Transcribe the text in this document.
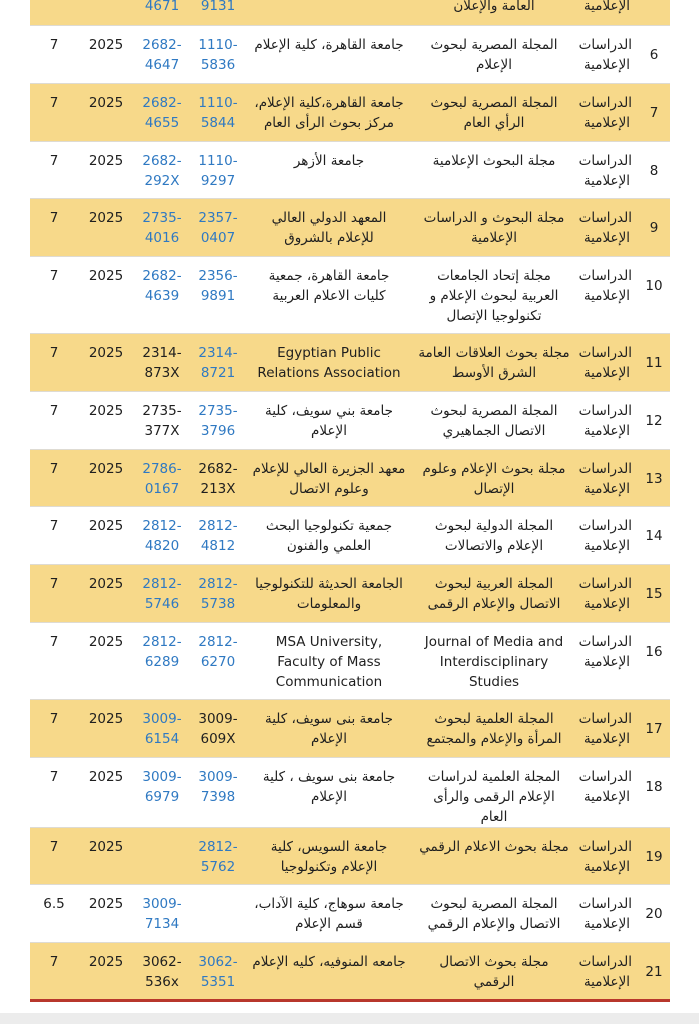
		4671	9131		العامة والإعلان	الإعلامية	
7	2025	2682-4647	1110-5836	جامعة القاهرة، كلية الإعلام	المجلة المصرية لبحوث الإعلام	الدراسات الإعلامية	6
7	2025	2682-4655	1110-5844	جامعة القاهرة،كلية الإعلام، مركز بحوث الرأى العام	المجلة المصرية لبحوث الرأي العام	الدراسات الإعلامية	7
7	2025	2682-292X	1110-9297	جامعة الأزهر	مجلة البحوث الإعلامية	الدراسات الإعلامية	8
7	2025	2735-4016	2357-0407	المعهد الدولي العالي للإعلام بالشروق	مجلة البحوث و الدراسات الإعلامية	الدراسات الإعلامية	9
7	2025	2682-4639	2356-9891	جامعة القاهرة، جمعية كليات الاعلام العربية	مجلة إتحاد الجامعات العربية لبحوث الإعلام و تكنولوجيا الإتصال	الدراسات الإعلامية	10
7	2025	2314-873X	2314-8721	Egyptian Public Relations Association	مجلة بحوث العلاقات العامة الشرق الأوسط	الدراسات الإعلامية	11
7	2025	2735-377X	2735-3796	جامعة بني سويف، كلية الإعلام	المجلة المصرية لبحوث الاتصال الجماهيري	الدراسات الإعلامية	12
7	2025	2786-0167	2682-213X	معهد الجزيرة العالي للإعلام وعلوم الاتصال	مجلة بحوث الإعلام وعلوم الإتصال	الدراسات الإعلامية	13
7	2025	2812-4820	2812-4812	جمعية تكنولوجيا البحث العلمي والفنون	المجلة الدولية لبحوث الإعلام والاتصالات	الدراسات الإعلامية	14
7	2025	2812-5746	2812-5738	الجامعة الحديثة للتكنولوجيا والمعلومات	المجلة العربية لبحوث الاتصال والإعلام الرقمى	الدراسات الإعلامية	15
7	2025	2812-6289	2812-6270	MSA University, Faculty of Mass Communication	Journal of Media and Interdisciplinary Studies	الدراسات الإعلامية	16
7	2025	3009-6154	3009-609X	جامعة بنى سويف، كلية الإعلام	المجلة العلمية لبحوث المرأة والإعلام والمجتمع	الدراسات الإعلامية	17
7	2025	3009-6979	3009-7398	جامعة بنى سويف ، كلية الإعلام	المجلة العلمية لدراسات الإعلام الرقمى والرأى العام	الدراسات الإعلامية	18
7	2025		2812-5762	جامعة السويس، كلية الإعلام وتكنولوجيا	مجلة بحوث الاعلام الرقمي	الدراسات الإعلامية	19
6.5	2025	3009-7134		جامعة سوهاج، كلية الآداب، قسم الإعلام	المجلة المصرية لبحوث الاتصال والإعلام الرقمي	الدراسات الإعلامية	20
7	2025	3062-536x	3062-5351	جامعه المنوفيه، كليه الإعلام	مجلة بحوث الاتصال الرقمي	الدراسات الإعلامية	21
